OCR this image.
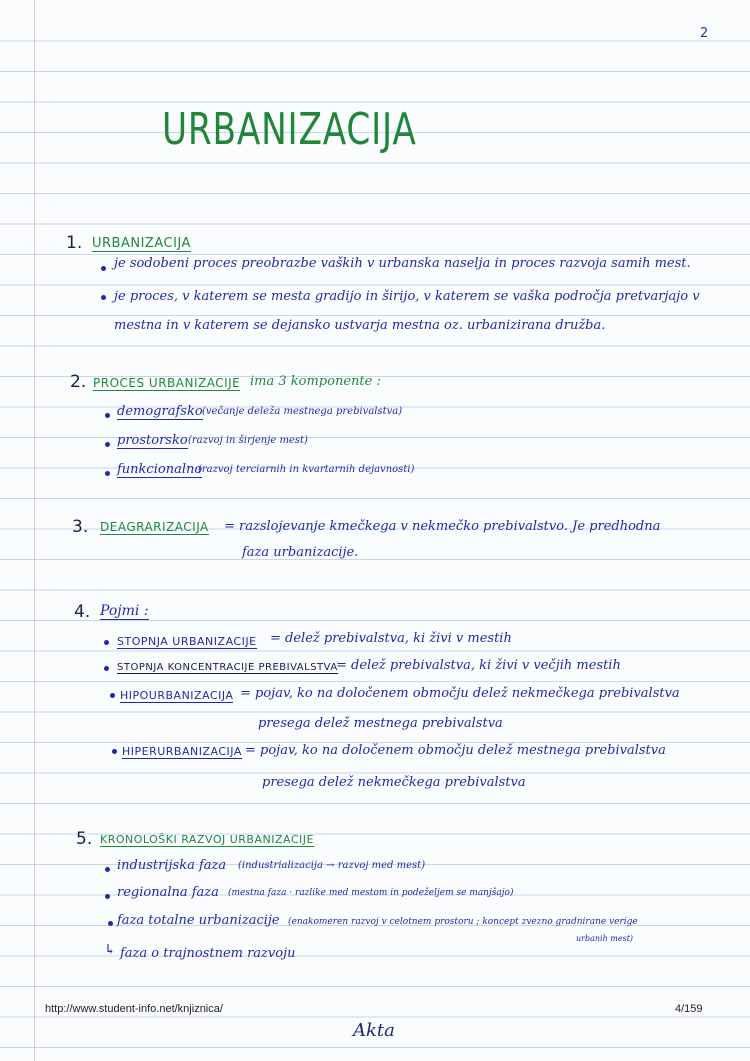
2
URBANIZACIJA
1. URBANIZACIJA
je sodobeni proces preobrazbe vaških v urbanska naselja in proces razvoja samih mest.
je proces, v katerem se mesta gradijo in širijo, v katerem se vaška področja pretvarjajo v
mestna in v katerem se dejansko ustvarja mestna oz. urbanizirana družba.
2. PROCES URBANIZACIJE ima 3 komponente :
demografsko (večanje deleža mestnega prebivalstva)
prostorsko (razvoj in širjenje mest)
funkcionalno
(razvoj terciarnih in kvartarnih dejavnosti)
3. DEAGRARIZACIJA = razslojevanje kmečkega v nekmečko prebivalstvo. Je predhodna
faza urbanizacije.
4. Pojmi :
STOPNJA URBANIZACIJE = delež prebivalstva, ki živi v mestih
STOPNJA KONCENTRACIJE PREBIVALSTVA
= delež prebivalstva, ki živi v večjih mestih
HIPOURBANIZACIJA = pojav, ko na določenem območju delež nekmečkega prebivalstva
presega delež mestnega prebivalstva
HIPERURBANIZACIJA = pojav, ko na določenem območju delež mestnega prebivalstva
presega delež nekmečkega prebivalstva
5. KRONOLOŠKI RAZVOJ URBANIZACIJE
industrijska faza (industrializacija → razvoj med mest)
regionalna faza (mestna faza · razlike med mestom in podeželjem se manjšajo)
faza totalne urbanizacije (enakomeren razvoj v celotnem prostoru ; koncept zvezno gradnirane verige
urbanih mest)
↳ faza o trajnostnem razvoju
http://www.student-info.net/knjiznica/	4/159
Akta
